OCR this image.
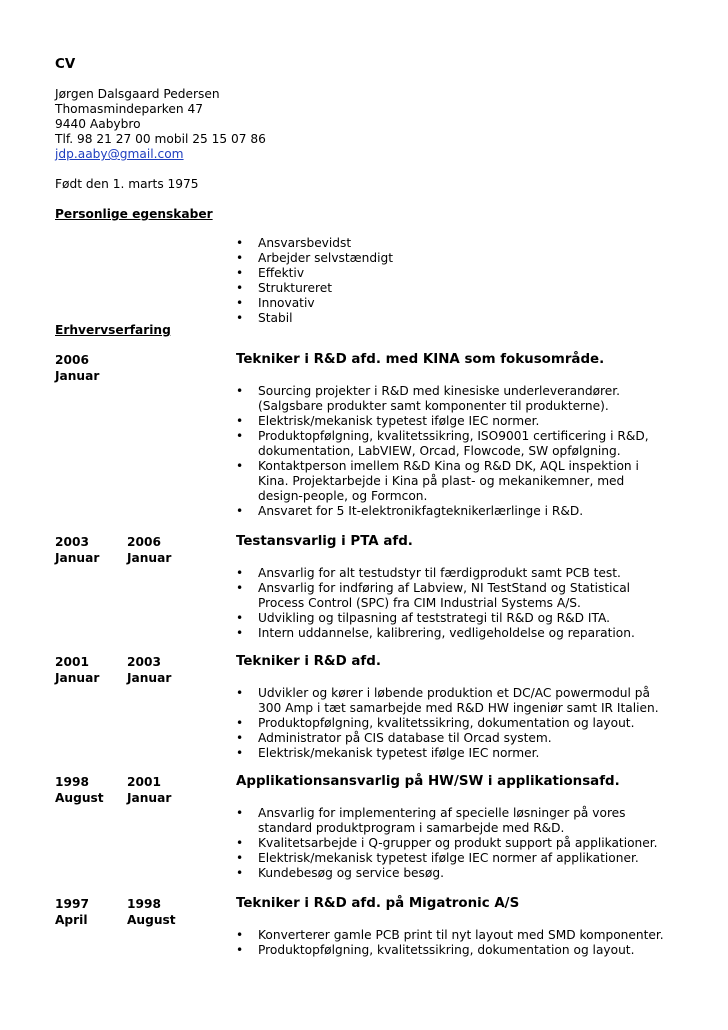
CV
Jørgen Dalsgaard Pedersen
Thomasmindeparken 47
9440 Aabybro
Tlf. 98 21 27 00 mobil 25 15 07 86
jdp.aaby@gmail.com
Født den 1. marts 1975
Personlige egenskaber
• Ansvarsbevidst
• Arbejder selvstændigt
• Effektiv
• Struktureret
• Innovativ
• Stabil
Erhvervserfaring
2006
Januar
Tekniker i R&D afd. med KINA som fokusområde.
• Sourcing projekter i R&D med kinesiske underleverandører.
(Salgsbare produkter samt komponenter til produkterne).
• Elektrisk/mekanisk typetest ifølge IEC normer.
• Produktopfølgning, kvalitetssikring, ISO9001 certificering i R&D,
dokumentation, LabVIEW, Orcad, Flowcode, SW opfølgning.
• Kontaktperson imellem R&D Kina og R&D DK, AQL inspektion i
Kina. Projektarbejde i Kina på plast- og mekanikemner, med
design-people, og Formcon.
• Ansvaret for 5 It-elektronikfagteknikerlærlinge i R&D.
2003
Januar
2006
Januar
Testansvarlig i PTA afd.
• Ansvarlig for alt testudstyr til færdigprodukt samt PCB test.
• Ansvarlig for indføring af Labview, NI TestStand og Statistical
Process Control (SPC) fra CIM Industrial Systems A/S.
• Udvikling og tilpasning af teststrategi til R&D og R&D ITA.
• Intern uddannelse, kalibrering, vedligeholdelse og reparation.
2001
Januar
2003
Januar
Tekniker i R&D afd.
• Udvikler og kører i løbende produktion et DC/AC powermodul på
300 Amp i tæt samarbejde med R&D HW ingeniør samt IR Italien.
• Produktopfølgning, kvalitetssikring, dokumentation og layout.
• Administrator på CIS database til Orcad system.
• Elektrisk/mekanisk typetest ifølge IEC normer.
1998
August
2001
Januar
Applikationsansvarlig på HW/SW i applikationsafd.
• Ansvarlig for implementering af specielle løsninger på vores
standard produktprogram i samarbejde med R&D.
• Kvalitetsarbejde i Q-grupper og produkt support på applikationer.
• Elektrisk/mekanisk typetest ifølge IEC normer af applikationer.
• Kundebesøg og service besøg.
1997
April
1998
August
Tekniker i R&D afd. på Migatronic A/S
• Konverterer gamle PCB print til nyt layout med SMD komponenter.
• Produktopfølgning, kvalitetssikring, dokumentation og layout.
